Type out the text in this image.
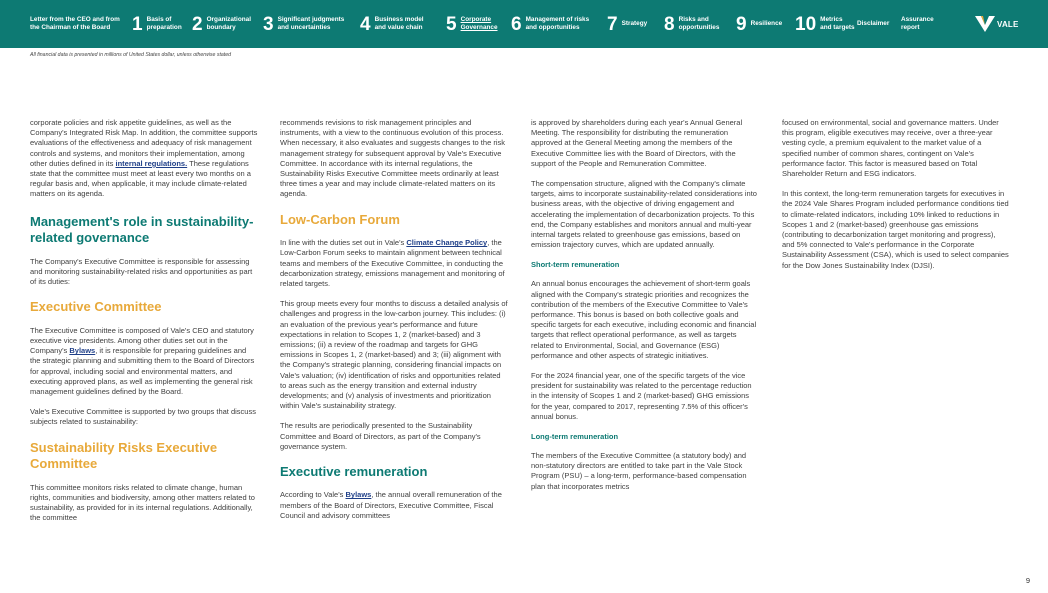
Letter from the CEO and from
the Chairman of the Board	1 Basis of
preparation 2 Organizational
boundary	3 Significant judgments
and uncertainties	4 Business model
and value chain 5 Corporate
Governance 6 Management of risks
and opportunities	7 Strategy 8 Risks and
opportunities 9 Resilience 10 Metrics
and targets
Disclaimer
Assurance
report	VALE
All financial data is presented in millions of United States dollar, unless otherwise stated

corporate policies and risk appetite guidelines, as well as the Company's Integrated Risk Map. In addition, the committee supports evaluations of the effectiveness and adequacy of risk management controls and systems, and monitors their implementation, among other duties defined in its internal regulations. These regulations state that the committee must meet at least every two months on a regular basis and, when applicable, it may include climate-related matters on its agenda.

Management's role in sustainability-related governance

The Company's Executive Committee is responsible for assessing and monitoring sustainability-related risks and opportunities as part of its duties:

Executive Committee

The Executive Committee is composed of Vale's CEO and statutory executive vice presidents. Among other duties set out in the Company's Bylaws, it is responsible for preparing guidelines and the strategic planning and submitting them to the Board of Directors for approval, including social and environmental matters, and executing approved plans, as well as implementing the general risk management guidelines defined by the Board.

Vale's Executive Committee is supported by two groups that discuss subjects related to sustainability:

Sustainability Risks Executive Committee

This committee monitors risks related to climate change, human rights, communities and biodiversity, among other matters related to sustainability, as provided for in its internal regulations. Additionally, the committee

recommends revisions to risk management principles and instruments, with a view to the continuous evolution of this process. When necessary, it also evaluates and suggests changes to the risk management strategy for subsequent approval by Vale's Executive Committee. In accordance with its internal regulations, the Sustainability Risks Executive Committee meets ordinarily at least three times a year and may include climate-related matters on its agenda.

Low-Carbon Forum

In line with the duties set out in Vale's Climate Change Policy, the Low-Carbon Forum seeks to maintain alignment between technical teams and members of the Executive Committee, in conducting the decarbonization strategy, emissions management and monitoring of related targets.

This group meets every four months to discuss a detailed analysis of challenges and progress in the low-carbon journey. This includes: (i) an evaluation of the previous year's performance and future expectations in relation to Scopes 1, 2 (market-based) and 3 emissions; (ii) a review of the roadmap and targets for GHG emissions in Scopes 1, 2 (market-based) and 3; (iii) alignment with the Company's strategic planning, considering financial impacts on Vale's valuation; (iv) identification of risks and opportunities related to areas such as the energy transition and external industry developments; and (v) analysis of investments and prioritization within Vale's sustainability strategy.

The results are periodically presented to the Sustainability Committee and Board of Directors, as part of the Company's governance system.

Executive remuneration

According to Vale's Bylaws, the annual overall remuneration of the members of the Board of Directors, Executive Committee, Fiscal Council and advisory committees

is approved by shareholders during each year's Annual General Meeting. The responsibility for distributing the remuneration approved at the General Meeting among the members of the Executive Committee lies with the Board of Directors, with the support of the People and Remuneration Committee.

The compensation structure, aligned with the Company's climate targets, aims to incorporate sustainability-related considerations into business areas, with the objective of driving engagement and accelerating the implementation of decarbonization projects. To this end, the Company establishes and monitors annual and multi-year internal targets related to greenhouse gas emissions, based on emission trajectory curves, which are updated annually.

Short-term remuneration

An annual bonus encourages the achievement of short-term goals aligned with the Company's strategic priorities and recognizes the contribution of the members of the Executive Committee to Vale's performance. This bonus is based on both collective goals and specific targets for each executive, including economic and financial targets that reflect operational performance, as well as targets related to Environmental, Social, and Governance (ESG) performance and other aspects of strategic initiatives.

For the 2024 financial year, one of the specific targets of the vice president for sustainability was related to the percentage reduction in the intensity of Scopes 1 and 2 (market-based) GHG emissions for the year, compared to 2017, representing 7.5% of this officer's annual bonus.

Long-term remuneration

The members of the Executive Committee (a statutory body) and non-statutory directors are entitled to take part in the Vale Stock Program (PSU) – a long-term, performance-based compensation plan that incorporates metrics

focused on environmental, social and governance matters. Under this program, eligible executives may receive, over a three-year vesting cycle, a premium equivalent to the market value of a specified number of common shares, contingent on Vale's performance factor. This factor is measured based on Total Shareholder Return and ESG indicators.

In this context, the long-term remuneration targets for executives in the 2024 Vale Shares Program included performance conditions tied to climate-related indicators, including 10% linked to reductions in Scopes 1 and 2 (market-based) greenhouse gas emissions (contributing to decarbonization target monitoring and progress), and 5% connected to Vale's performance in the Corporate Sustainability Assessment (CSA), which is used to select companies for the Dow Jones Sustainability Index (DJSI).

9
